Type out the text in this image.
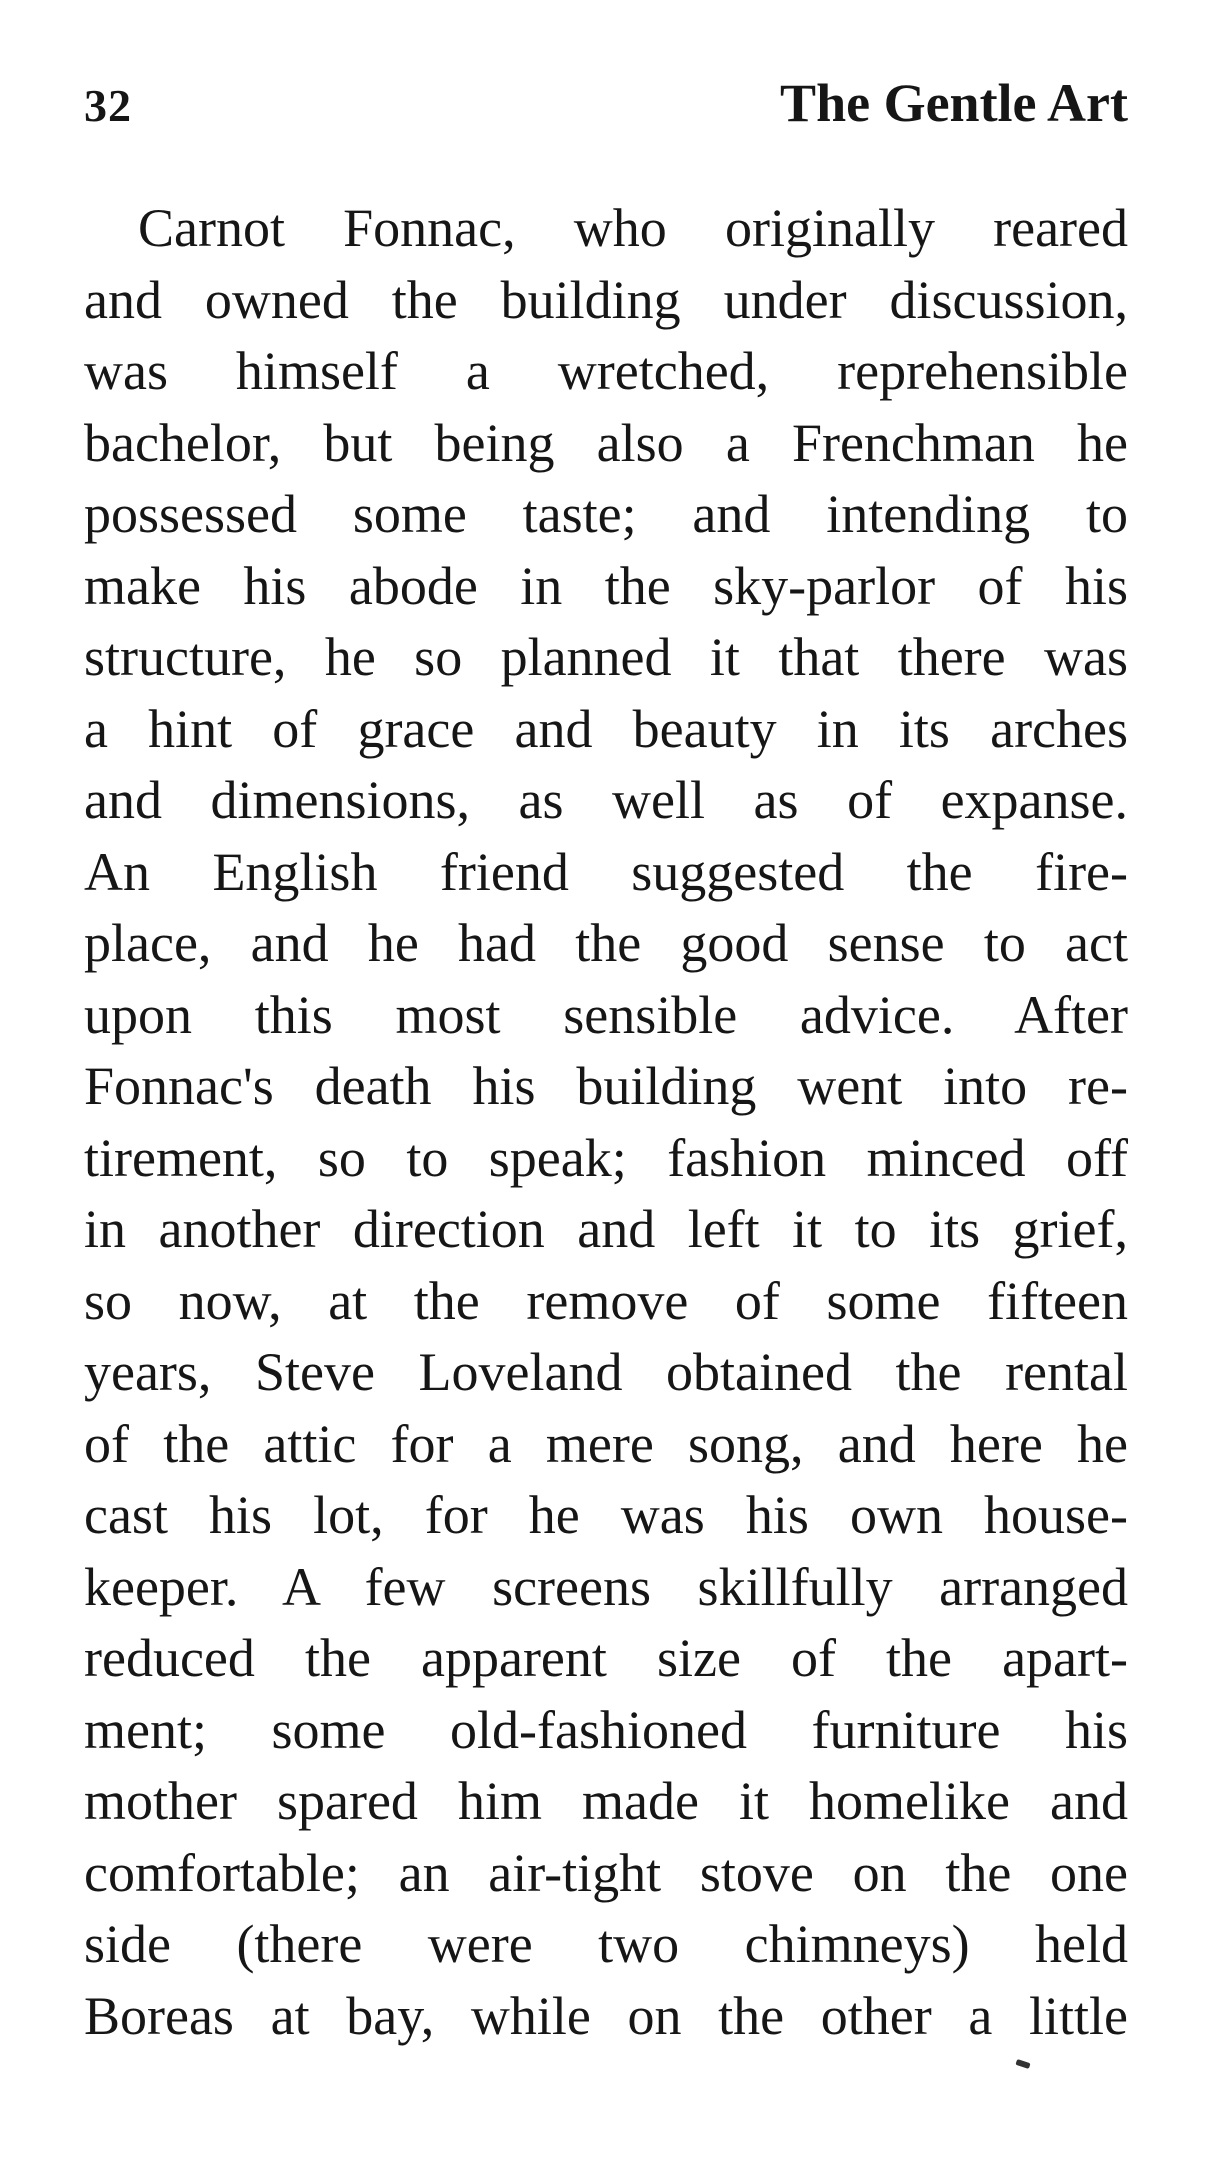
32	The Gentle Art
Carnot Fonnac, who originally reared
and owned the building under discussion,
was himself a wretched, reprehensible
bachelor, but being also a Frenchman he
possessed some taste; and intending to
make his abode in the sky-parlor of his
structure, he so planned it that there was
a hint of grace and beauty in its arches
and dimensions, as well as of expanse.
An English friend suggested the fire-
place, and he had the good sense to act
upon this most sensible advice. After
Fonnac's death his building went into re-
tirement, so to speak; fashion minced off
in another direction and left it to its grief,
so now, at the remove of some fifteen
years, Steve Loveland obtained the rental
of the attic for a mere song, and here he
cast his lot, for he was his own house-
keeper. A few screens skillfully arranged
reduced the apparent size of the apart-
ment; some old-fashioned furniture his
mother spared him made it homelike and
comfortable; an air-tight stove on the one
side (there were two chimneys) held
Boreas at bay, while on the other a little
